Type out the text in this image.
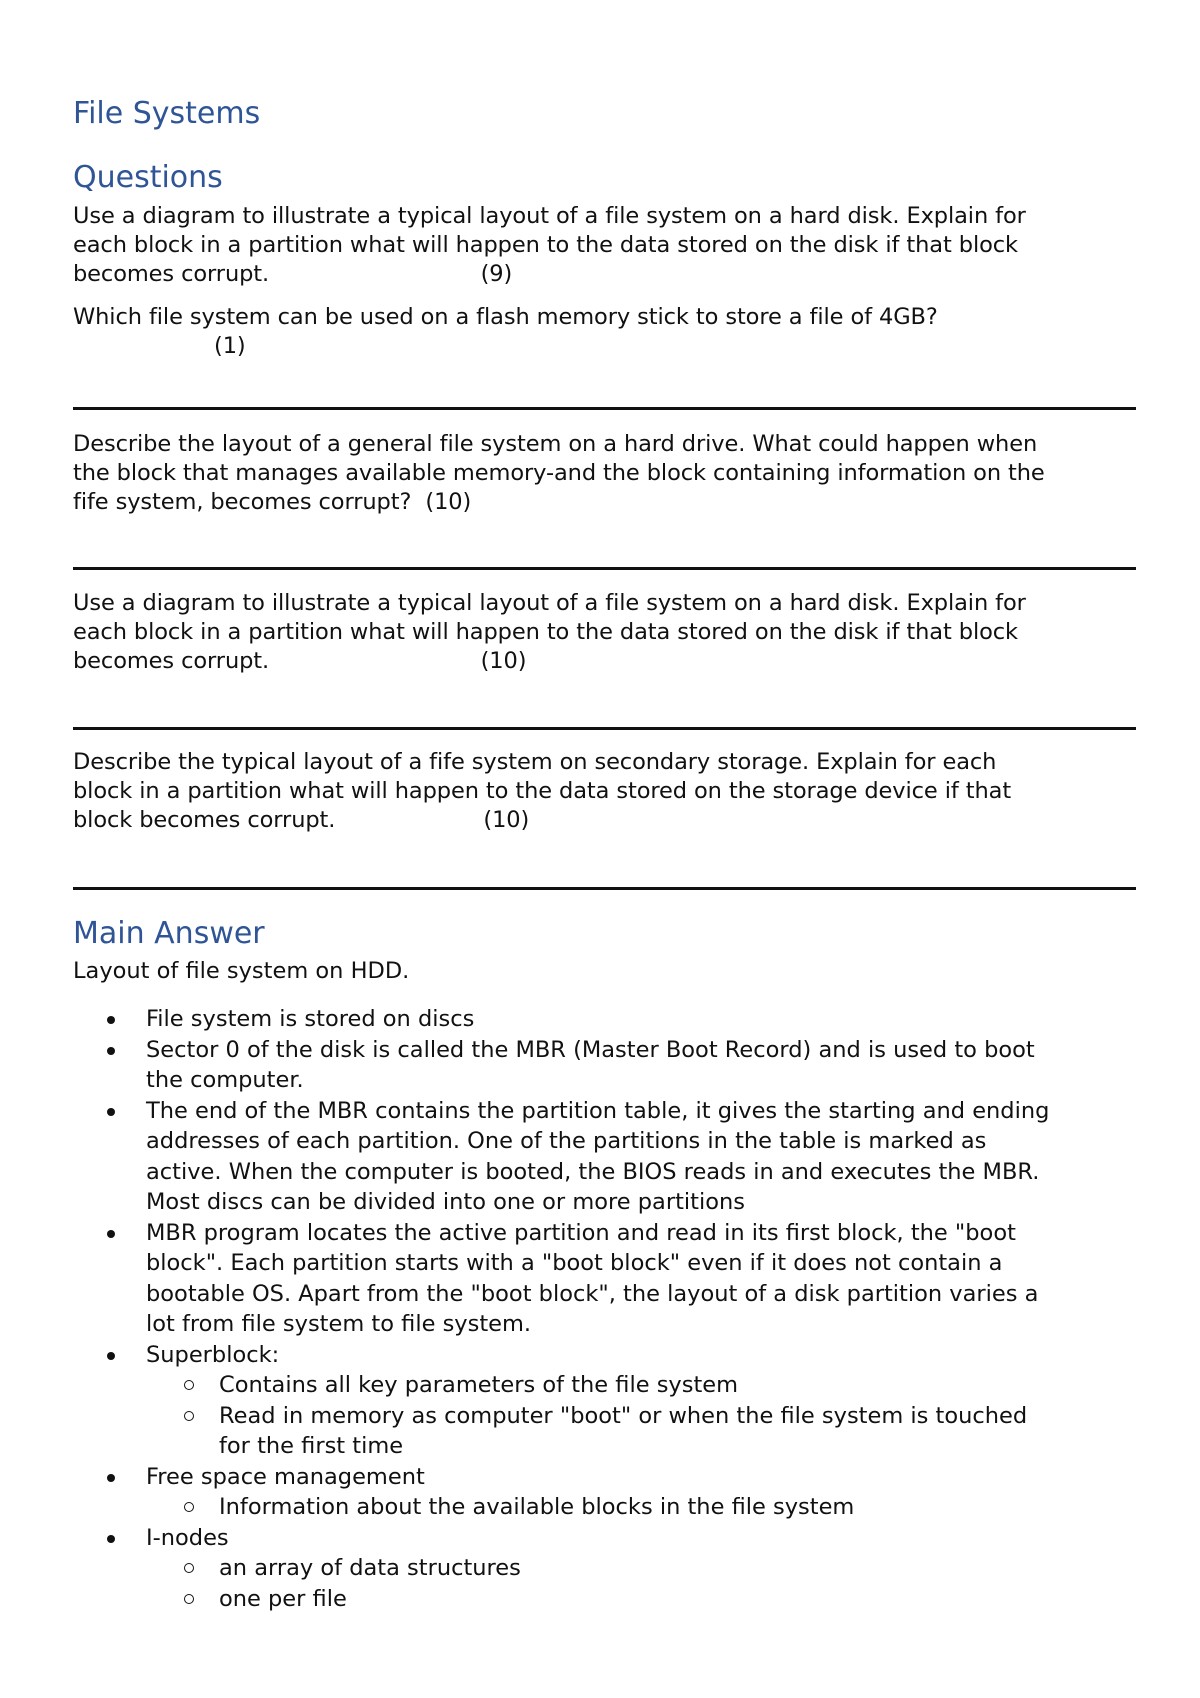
File Systems
Questions

Use a diagram to illustrate a typical layout of a file system on a hard disk. Explain for
each block in a partition what will happen to the data stored on the disk if that block
becomes corrupt.                              (9)

Which file system can be used on a flash memory stick to store a file of 4GB?
(1)

Describe the layout of a general file system on a hard drive. What could happen when
the block that manages available memory-and the block containing information on the
fife system, becomes corrupt?  (10)

Use a diagram to illustrate a typical layout of a file system on a hard disk. Explain for
each block in a partition what will happen to the data stored on the disk if that block
becomes corrupt.                              (10)

Describe the typical layout of a fife system on secondary storage. Explain for each
block in a partition what will happen to the data stored on the storage device if that
block becomes corrupt.                     (10)

Main Answer

Layout of file system on HDD.

File system is stored on discs
Sector 0 of the disk is called the MBR (Master Boot Record) and is used to boot
the computer.
The end of the MBR contains the partition table, it gives the starting and ending
addresses of each partition. One of the partitions in the table is marked as
active. When the computer is booted, the BIOS reads in and executes the MBR.
Most discs can be divided into one or more partitions
MBR program locates the active partition and read in its first block, the "boot
block". Each partition starts with a "boot block" even if it does not contain a
bootable OS. Apart from the "boot block", the layout of a disk partition varies a
lot from file system to file system.
Superblock:
Contains all key parameters of the file system
Read in memory as computer "boot" or when the file system is touched
for the first time
Free space management
Information about the available blocks in the file system
I-nodes
an array of data structures
one per file
